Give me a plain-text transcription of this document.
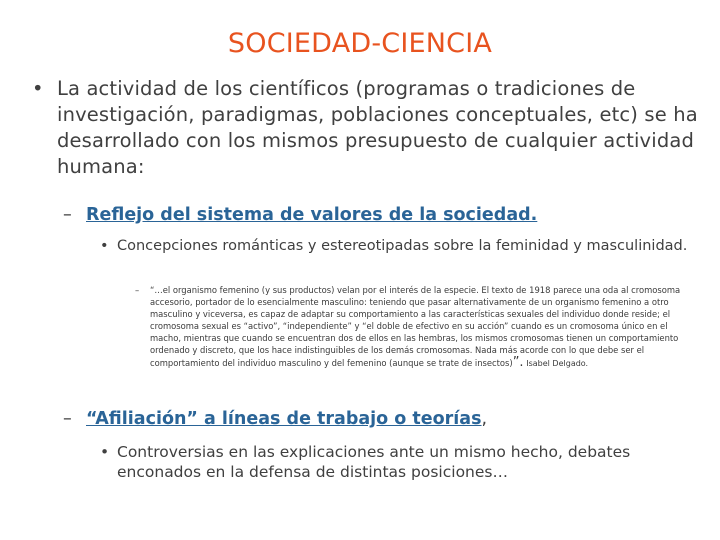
SOCIEDAD-CIENCIA
• La actividad de los científicos (programas o tradiciones de investigación, paradigmas, poblaciones conceptuales, etc) se ha desarrollado con los mismos presupuesto de cualquier actividad humana:
– Reflejo del sistema de valores de la sociedad.
• Concepciones románticas y estereotipadas sobre la feminidad y masculinidad.
– “…el organismo femenino (y sus productos) velan por el interés de la especie. El texto de 1918 parece una oda al cromosoma accesorio, portador de lo esencialmente masculino: teniendo que pasar alternativamente de un organismo femenino a otro masculino y viceversa, es capaz de adaptar su comportamiento a las características sexuales del individuo donde reside; el cromosoma sexual es “activo”, “independiente” y “el doble de efectivo en su acción” cuando es un cromosoma único en el macho, mientras que cuando se encuentran dos de ellos en las hembras, los mismos cromosomas tienen un comportamiento ordenado y discreto, que los hace indistinguibles de los demás cromosomas. Nada más acorde con lo que debe ser el comportamiento del individuo masculino y del femenino (aunque se trate de insectos)”. Isabel Delgado.
– “Afiliación” a líneas de trabajo o teorías,
• Controversias en las explicaciones ante un mismo hecho, debates enconados en la defensa de distintas posiciones…
